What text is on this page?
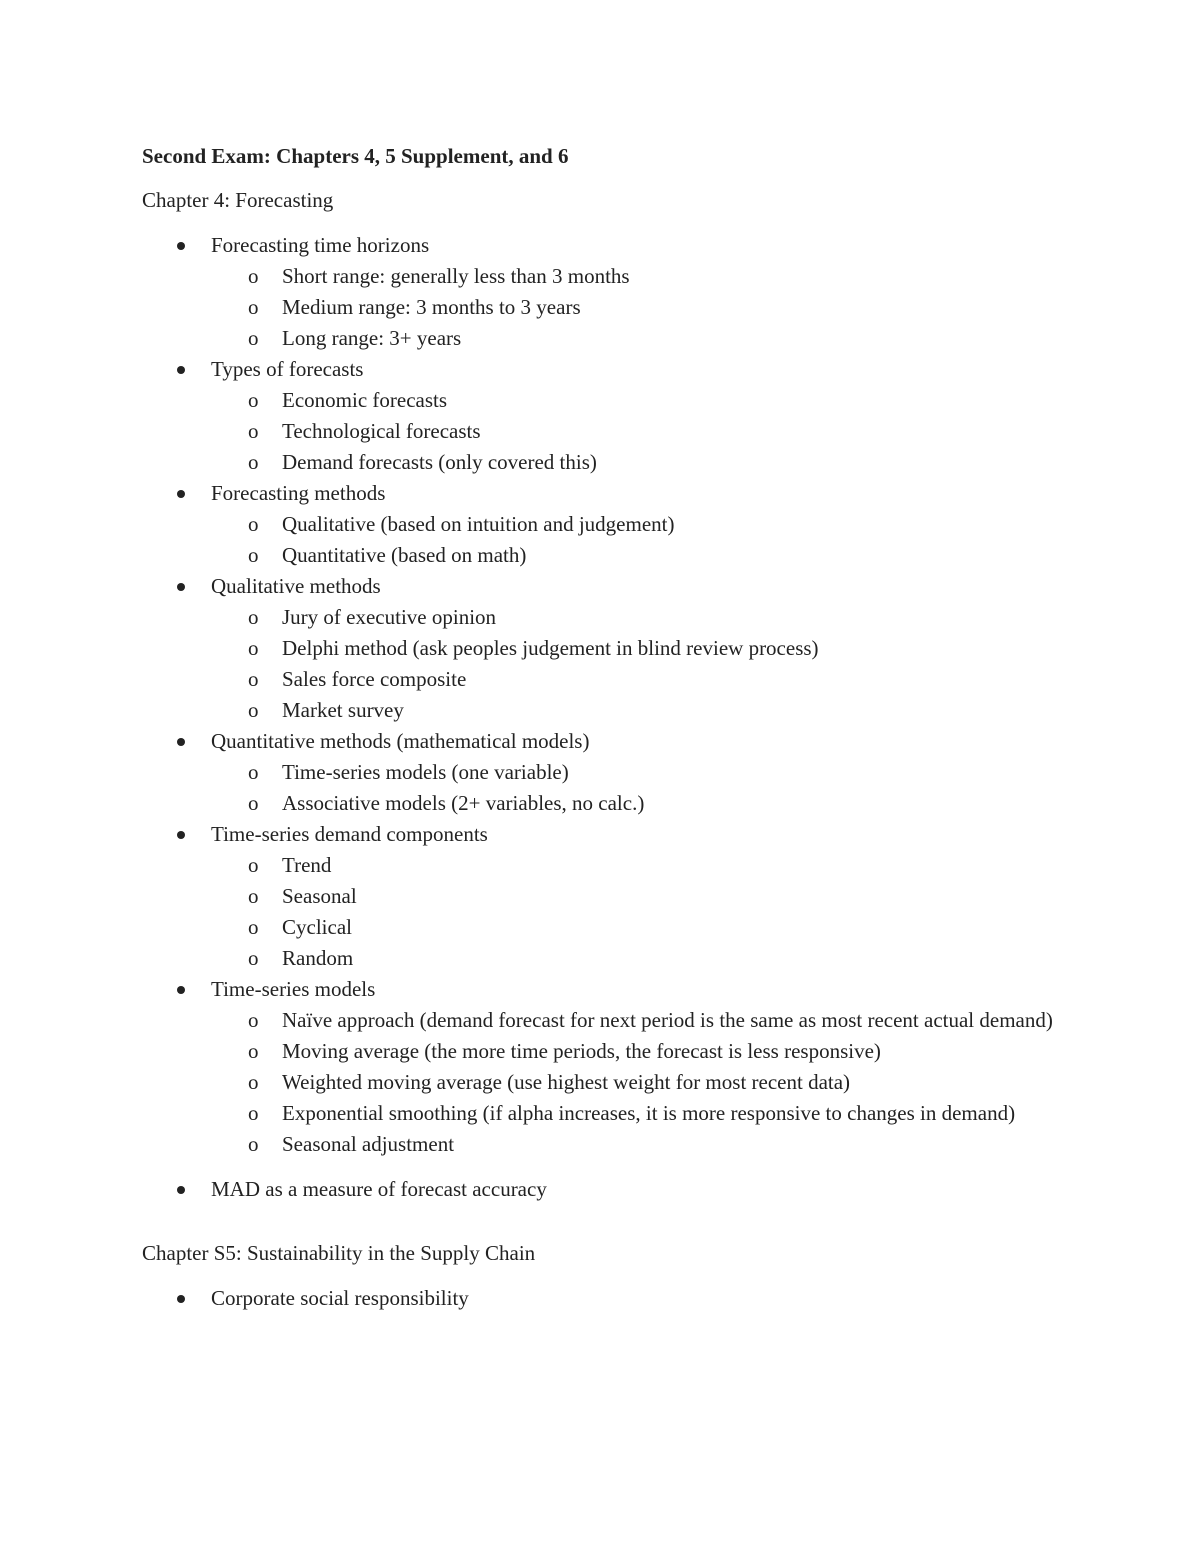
Second Exam: Chapters 4, 5 Supplement, and 6
Chapter 4: Forecasting
Forecasting time horizons
o Short range: generally less than 3 months
o Medium range: 3 months to 3 years
o Long range: 3+ years
Types of forecasts
o Economic forecasts
o Technological forecasts
o Demand forecasts (only covered this)
Forecasting methods
o Qualitative (based on intuition and judgement)
o Quantitative (based on math)
Qualitative methods
o Jury of executive opinion
o Delphi method (ask peoples judgement in blind review process)
o Sales force composite
o Market survey
Quantitative methods (mathematical models)
o Time-series models (one variable)
o Associative models (2+ variables, no calc.)
Time-series demand components
o Trend
o Seasonal
o Cyclical
o Random
Time-series models
o Naïve approach (demand forecast for next period is the same as most recent actual demand)
o Moving average (the more time periods, the forecast is less responsive)
o Weighted moving average (use highest weight for most recent data)
o Exponential smoothing (if alpha increases, it is more responsive to changes in demand)
o Seasonal adjustment
MAD as a measure of forecast accuracy
Chapter S5: Sustainability in the Supply Chain
Corporate social responsibility
